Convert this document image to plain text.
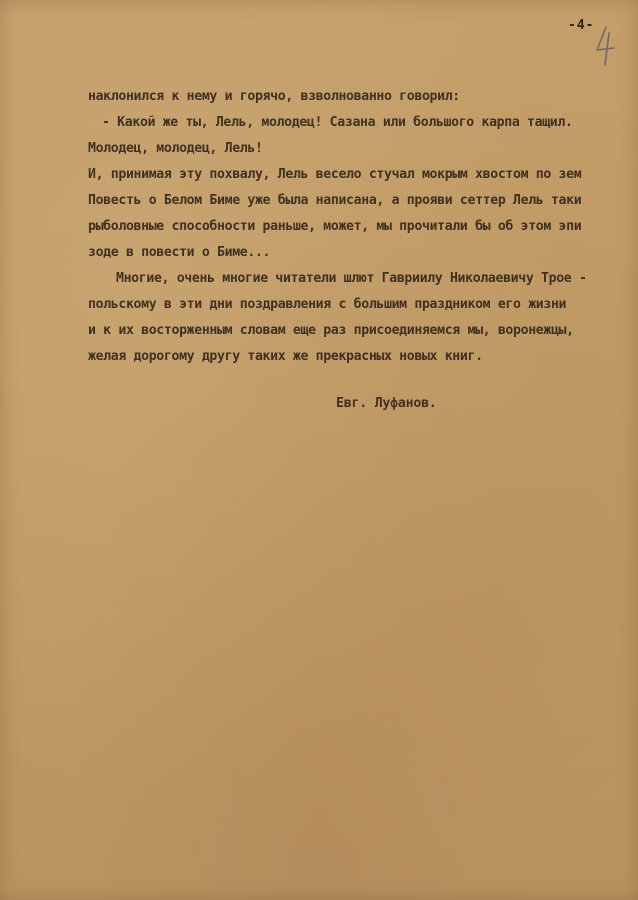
-4-
наклонился к нему и горячо, взволнованно говорил:
- Какой же ты, Лель, молодец! Сазана или большого карпа тащил.
Молодец, молодец, Лель!
И, принимая эту похвалу, Лель весело стучал мокрым хвостом по зем
Повесть о Белом Биме уже была написана, а прояви сеттер Лель таки
рыболовные способности раньше, может, мы прочитали бы об этом эпи
зоде в повести о Биме...
Многие, очень многие читатели шлют Гавриилу Николаевичу Трое -
польскому в эти дни поздравления с большим праздником его жизни
и к их восторженным словам еще раз присоединяемся мы, воронежцы,
желая дорогому другу таких же прекрасных новых книг.
Евг. Луфанов.
